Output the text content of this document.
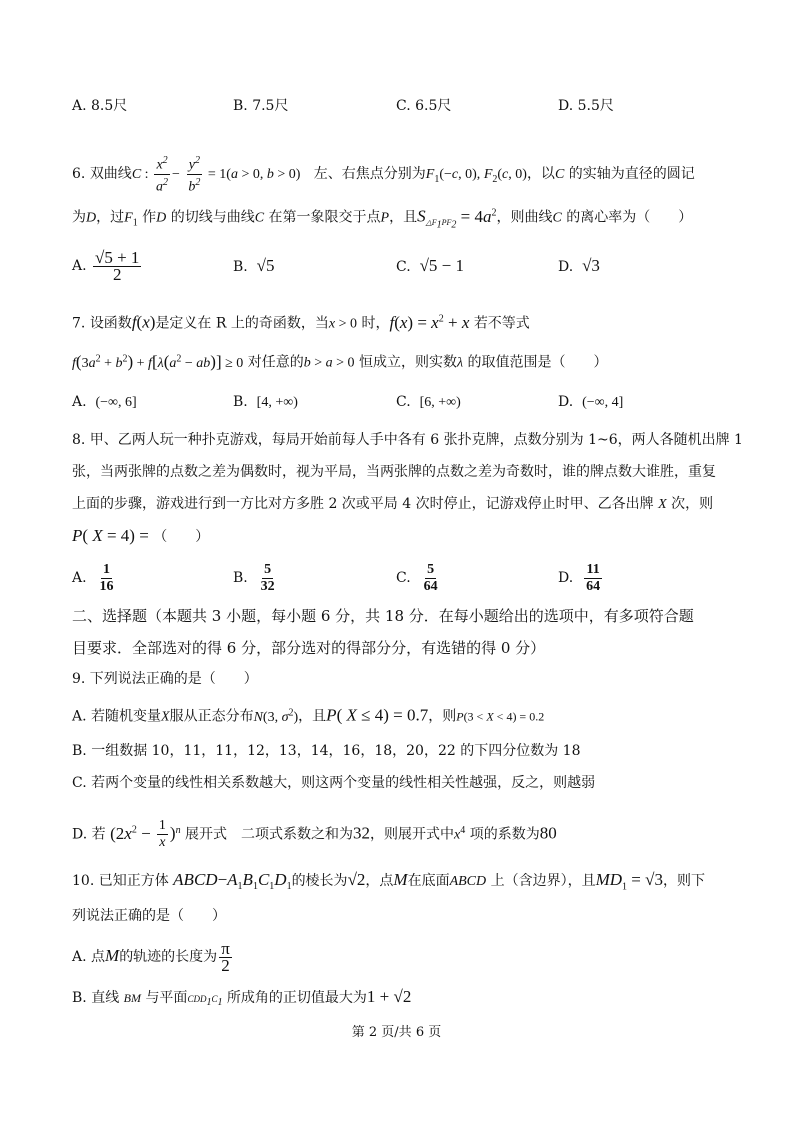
A. 8.5尺	B. 7.5尺	C. 6.5尺	D. 5.5尺
6. 双曲线C : $\frac{x^2}{a^2} - \frac{y^2}{b^2} = 1(a > 0$, b > 0) 左、右焦点分别为$F_1(-c$, 0), $F_2(c$, 0)，以C 的实轴为直径的圆记
为D，过$F_1$ 作D 的切线与曲线C 在第一象限交于点P，且$S_{\triangle F_1PF_2} = 4a^2$，则曲线C 的离心率为（　　）
A. $\frac{√5 + 1}{2}$	B. √5	C. √5 − 1	D. √3
7. 设函数f(x)是定义在 R 上的奇函数，当x > 0 时，$f(x) = x^2 + x$ 若不等式
$f(3a^2 + b^2) + f[\lambda(a^2 - ab)] \ge 0$ 对任意的b > a > 0 恒成立，则实数λ 的取值范围是（　　）
A. (−∞, 6]	B. [4, +∞)	C. [6, +∞)	D. (−∞, 4]
8. 甲、乙两人玩一种扑克游戏，每局开始前每人手中各有 6 张扑克牌，点数分别为 1~6，两人各随机出牌 1
张，当两张牌的点数之差为偶数时，视为平局，当两张牌的点数之差为奇数时，谁的牌点数大谁胜，重复
上面的步骤，游戏进行到一方比对方多胜 2 次或平局 4 次时停止，记游戏停止时甲、乙各出牌 X 次，则
P( X = 4) = （　　）
A. $\frac{1}{16}$	B. $\frac{5}{32}$	C. $\frac{5}{64}$	D. $\frac{11}{64}$
二、选择题（本题共 3 小题，每小题 6 分，共 18 分．在每小题给出的选项中，有多项符合题
目要求．全部选对的得 6 分，部分选对的得部分分，有选错的得 0 分）
9. 下列说法正确的是（　　）
A. 若随机变量X服从正态分布N(3, $\sigma^2$)，且P( X ≤ 4) = 0.7，则P(3 < X < 4) = 0.2
B. 一组数据 10，11，11，12，13，14，16，18，20，22 的下四分位数为 18
C. 若两个变量的线性相关系数越大，则这两个变量的线性相关性越强，反之，则越弱
D. 若 $(2x^2 - \frac{1}{x} )^n$ 展开式　二项式系数之和为32，则展开式中$x^4$ 项的系数为80
10. 已知正方体 $ABCD-A_1B_1C_1D_1$的棱长为√2，点M在底面ABCD 上（含边界），且$MD_1 = √3$，则下
列说法正确的是（　　）
A. 点M的轨迹的长度为 $\frac{\pi}{2}$
B. 直线 BM 与平面$CDD_1C_1$ 所成角的正切值最大为1 + √2
第 2 页/共 6 页
